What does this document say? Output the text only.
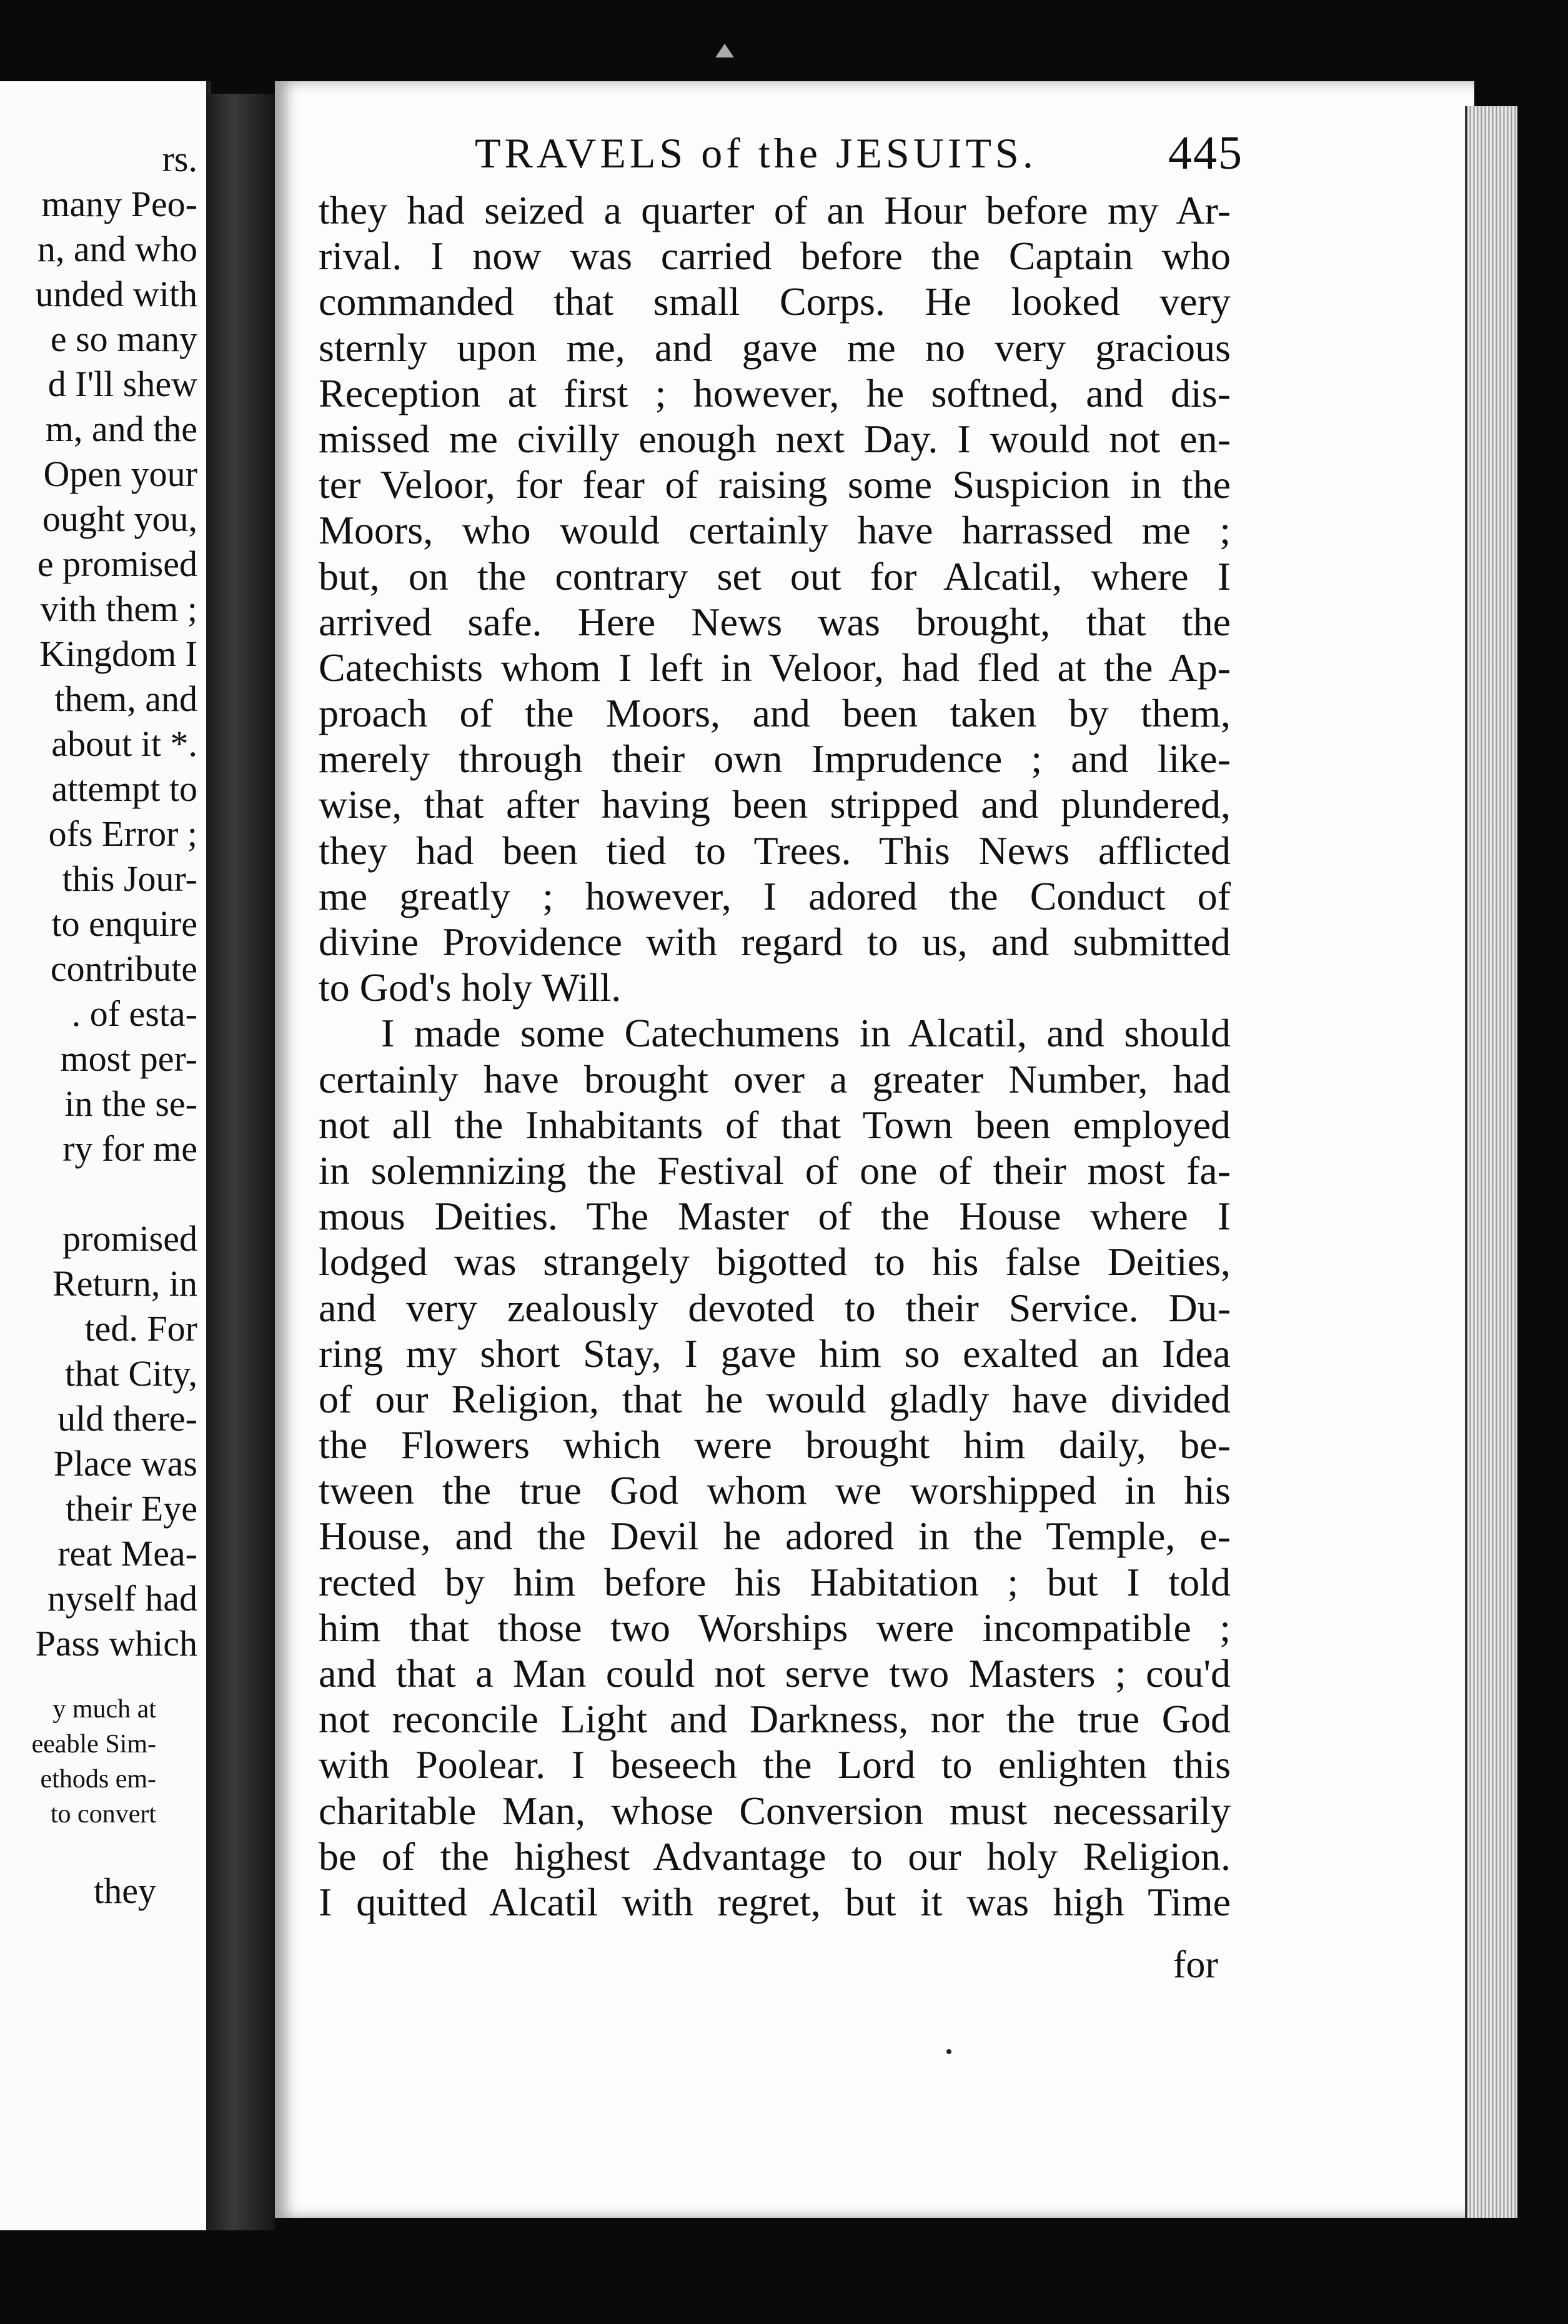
rs.
many Peo-
n, and who
unded with
e so many
d I'll shew
m, and the
Open your
ought you,
e promised
vith them ;
Kingdom I
them, and
about it *.
attempt to
ofs Error ;
this Jour-
to enquire
contribute
. of esta-
most per-
in the se-
ry for me
promised
Return, in
ted. For
that City,
uld there-
Place was
their Eye
reat Mea-
nyself had
Pass which
y much at
eeable Sim-
ethods em-
to convert
they
TRAVELS of the JESUITS.	445
they had seized a quarter of an Hour before my Ar-
rival. I now was carried before the Captain who
commanded that small Corps. He looked very
sternly upon me, and gave me no very gracious
Reception at first ; however, he softned, and dis-
missed me civilly enough next Day. I would not en-
ter Veloor, for fear of raising some Suspicion in the
Moors, who would certainly have harrassed me ;
but, on the contrary set out for Alcatil, where I
arrived safe. Here News was brought, that the
Catechists whom I left in Veloor, had fled at the Ap-
proach of the Moors, and been taken by them,
merely through their own Imprudence ; and like-
wise, that after having been stripped and plundered,
they had been tied to Trees. This News afflicted
me greatly ; however, I adored the Conduct of
divine Providence with regard to us, and submitted
to God's holy Will.
I made some Catechumens in Alcatil, and should
certainly have brought over a greater Number, had
not all the Inhabitants of that Town been employed
in solemnizing the Festival of one of their most fa-
mous Deities. The Master of the House where I
lodged was strangely bigotted to his false Deities,
and very zealously devoted to their Service. Du-
ring my short Stay, I gave him so exalted an Idea
of our Religion, that he would gladly have divided
the Flowers which were brought him daily, be-
tween the true God whom we worshipped in his
House, and the Devil he adored in the Temple, e-
rected by him before his Habitation ; but I told
him that those two Worships were incompatible ;
and that a Man could not serve two Masters ; cou'd
not reconcile Light and Darkness, nor the true God
with Poolear. I beseech the Lord to enlighten this
charitable Man, whose Conversion must necessarily
be of the highest Advantage to our holy Religion.
I quitted Alcatil with regret, but it was high Time
for
